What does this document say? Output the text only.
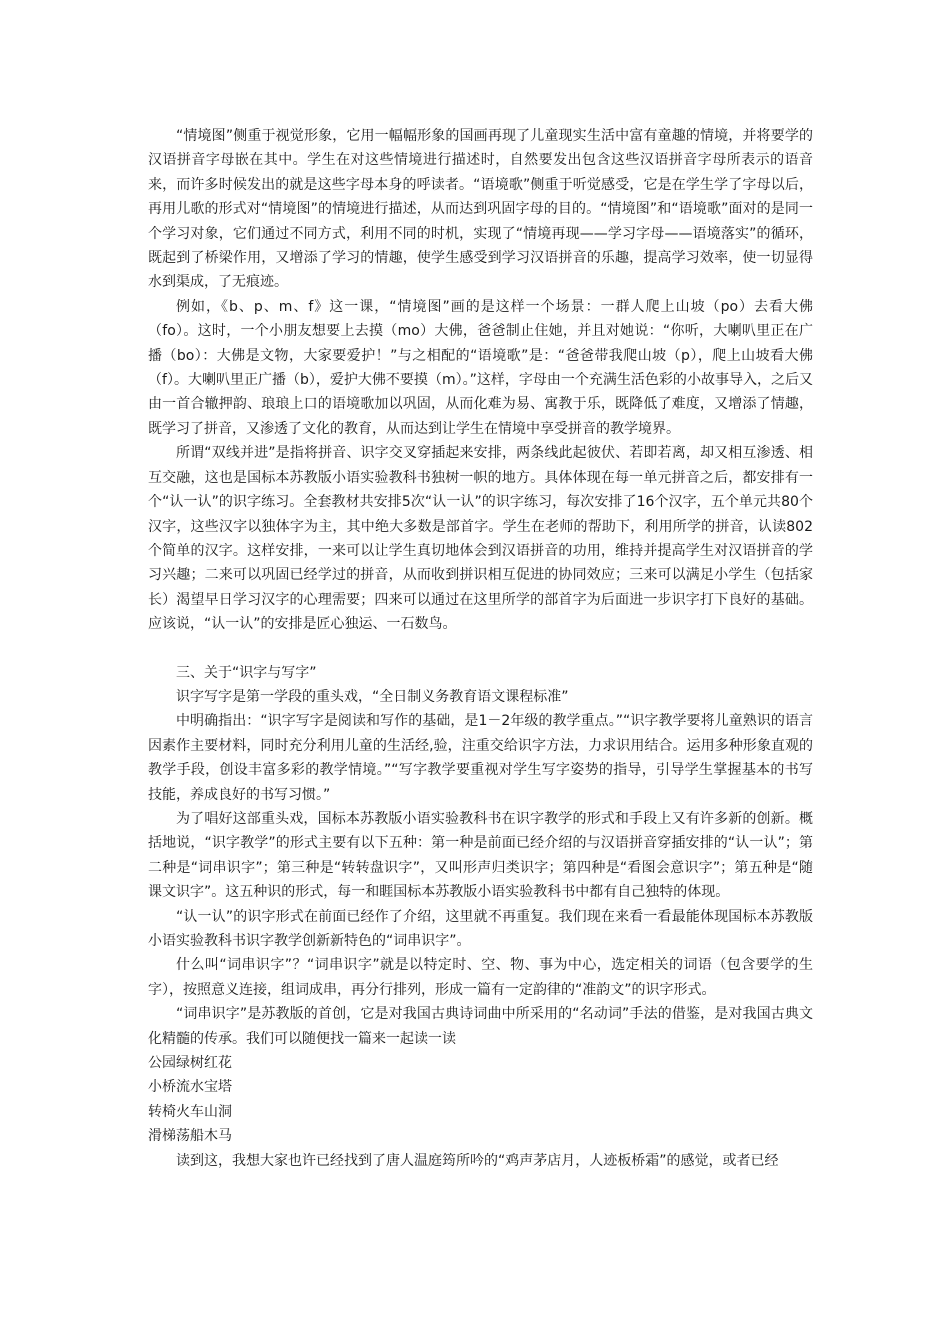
“情境图”侧重于视觉形象，它用一幅幅形象的国画再现了儿童现实生活中富有童趣的情境，并将要学的汉语拼音字母嵌在其中。学生在对这些情境进行描述时，自然要发出包含这些汉语拼音字母所表示的语音来，而许多时候发出的就是这些字母本身的呼读者。“语境歌”侧重于听觉感受，它是在学生学了字母以后，再用儿歌的形式对“情境图”的情境进行描述，从而达到巩固字母的目的。“情境图”和“语境歌”面对的是同一个学习对象，它们通过不同方式，利用不同的时机，实现了“情境再现——学习字母——语境落实”的循环，既起到了桥梁作用，又增添了学习的情趣，使学生感受到学习汉语拼音的乐趣，提高学习效率，使一切显得水到渠成，了无痕迹。

例如，《b、p、m、f》这一课，“情境图”画的是这样一个场景：一群人爬上山坡（po）去看大佛（fo）。这时，一个小朋友想要上去摸（mo）大佛，爸爸制止住她，并且对她说：“你听，大喇叭里正在广播（bo）：大佛是文物，大家要爱护！”与之相配的“语境歌”是：“爸爸带我爬山坡（p），爬上山坡看大佛（f）。大喇叭里正广播（b），爱护大佛不要摸（m）。”这样，字母由一个充满生活色彩的小故事导入，之后又由一首合辙押韵、琅琅上口的语境歌加以巩固，从而化难为易、寓教于乐，既降低了难度，又增添了情趣，既学习了拼音，又渗透了文化的教育，从而达到让学生在情境中享受拼音的教学境界。

所谓“双线并进”是指将拼音、识字交叉穿插起来安排，两条线此起彼伏、若即若离，却又相互渗透、相互交融，这也是国标本苏教版小语实验教科书独树一帜的地方。具体体现在每一单元拼音之后，都安排有一个“认一认”的识字练习。全套教材共安排5次“认一认”的识字练习，每次安排了16个汉字，五个单元共80个汉字，这些汉字以独体字为主，其中绝大多数是部首字。学生在老师的帮助下，利用所学的拼音，认读802个简单的汉字。这样安排，一来可以让学生真切地体会到汉语拼音的功用，维持并提高学生对汉语拼音的学习兴趣；二来可以巩固已经学过的拼音，从而收到拼识相互促进的协同效应；三来可以满足小学生（包括家长）渴望早日学习汉字的心理需要；四来可以通过在这里所学的部首字为后面进一步识字打下良好的基础。应该说，“认一认”的安排是匠心独运、一石数鸟。

三、关于“识字与写字”

识字写字是第一学段的重头戏，“全日制义务教育语文课程标准”

中明确指出：“识字写字是阅读和写作的基础，是1－2年级的教学重点。”“识字教学要将儿童熟识的语言因素作主要材料，同时充分利用儿童的生活经,验，注重交给识字方法，力求识用结合。运用多种形象直观的教学手段，创设丰富多彩的教学情境。”“写字教学要重视对学生写字姿势的指导，引导学生掌握基本的书写技能，养成良好的书写习惯。”

为了唱好这部重头戏，国标本苏教版小语实验教科书在识字教学的形式和手段上又有许多新的创新。概括地说，“识字教学”的形式主要有以下五种：第一种是前面已经介绍的与汉语拼音穿插安排的“认一认”；第二种是“词串识字”；第三种是“转转盘识字”，又叫形声归类识字；第四种是“看图会意识字”；第五种是“随课文识字”。这五种识的形式，每一和睚国标本苏教版小语实验教科书中都有自己独特的体现。

“认一认”的识字形式在前面已经作了介绍，这里就不再重复。我们现在来看一看最能体现国标本苏教版小语实验教科书识字教学创新新特色的“词串识字”。

什么叫“词串识字”？“词串识字”就是以特定时、空、物、事为中心，选定相关的词语（包含要学的生字），按照意义连接，组词成串，再分行排列，形成一篇有一定韵律的“准韵文”的识字形式。

“词串识字”是苏教版的首创，它是对我国古典诗词曲中所采用的“名动词”手法的借鉴，是对我国古典文化精髓的传承。我们可以随便找一篇来一起读一读

公园绿树红花

小桥流水宝塔

转椅火车山洞

滑梯荡船木马

读到这，我想大家也许已经找到了唐人温庭筠所吟的“鸡声茅店月，人迹板桥霜”的感觉，或者已经
